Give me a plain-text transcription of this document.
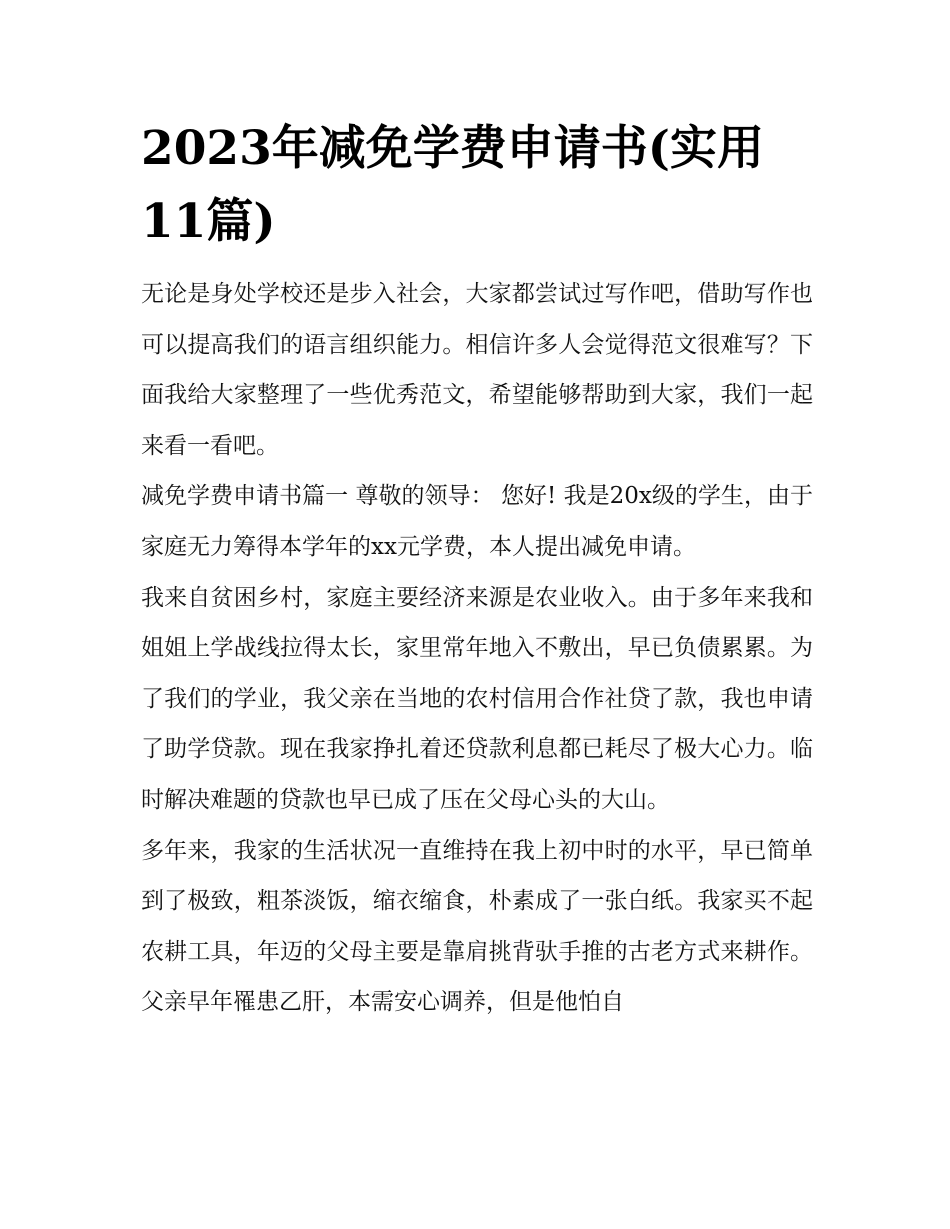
2023年减免学费申请书(实用11篇)

无论是身处学校还是步入社会，大家都尝试过写作吧，借助写作也可以提高我们的语言组织能力。相信许多人会觉得范文很难写？下面我给大家整理了一些优秀范文，希望能够帮助到大家，我们一起来看一看吧。

减免学费申请书篇一 尊敬的领导： 您好! 我是20x级的学生，由于家庭无力筹得本学年的xx元学费，本人提出减免申请。

我来自贫困乡村，家庭主要经济来源是农业收入。由于多年来我和姐姐上学战线拉得太长，家里常年地入不敷出，早已负债累累。为了我们的学业，我父亲在当地的农村信用合作社贷了款，我也申请了助学贷款。现在我家挣扎着还贷款利息都已耗尽了极大心力。临时解决难题的贷款也早已成了压在父母心头的大山。

多年来，我家的生活状况一直维持在我上初中时的水平，早已简单到了极致，粗茶淡饭，缩衣缩食，朴素成了一张白纸。我家买不起农耕工具，年迈的父母主要是靠肩挑背驮手推的古老方式来耕作。父亲早年罹患乙肝，本需安心调养，但是他怕自
